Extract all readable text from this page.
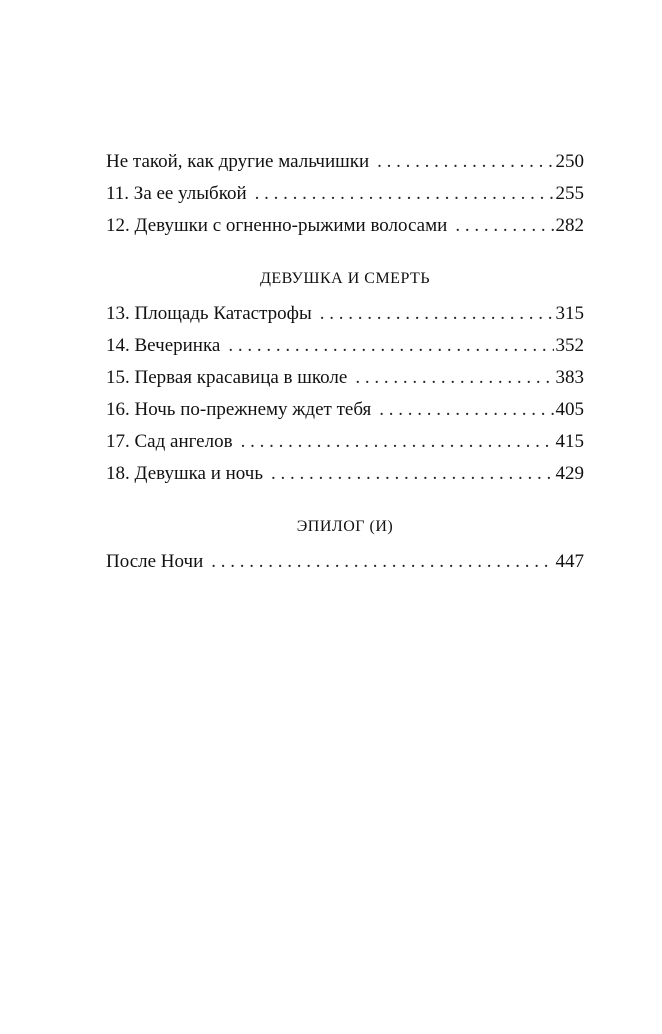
Не такой, как другие мальчишки . . .	250
11. За ее улыбкой . . .	255
12. Девушки с огненно-рыжими волосами . . .	282
ДЕВУШКА И СМЕРТЬ
13. Площадь Катастрофы . . .	315
14. Вечеринка . . .	352
15. Первая красавица в школе . . .	383
16. Ночь по-прежнему ждет тебя . . .	405
17. Сад ангелов . . .	415
18. Девушка и ночь . . .	429
ЭПИЛОГ (И)
После Ночи . . .	447
